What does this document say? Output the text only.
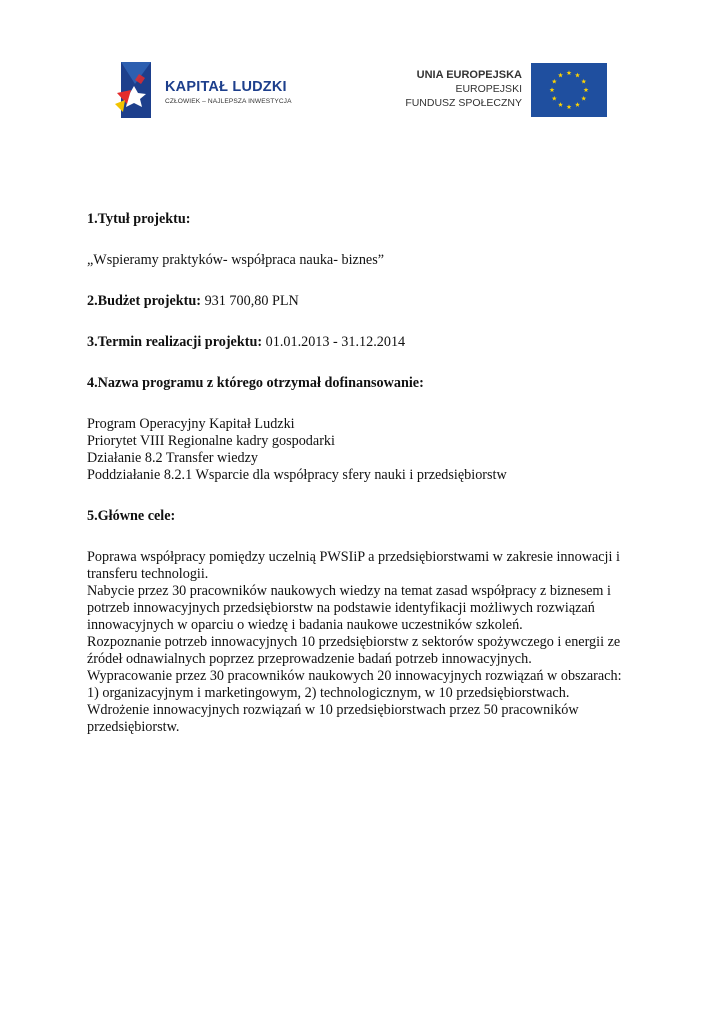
KAPITAŁ LUDZKI
CZŁOWIEK – NAJLEPSZA INWESTYCJA
UNIA EUROPEJSKA
EUROPEJSKI
FUNDUSZ SPOŁECZNY

1.Tytuł projektu:

„Wspieramy praktyków- współpraca nauka- biznes”

2.Budżet projektu: 931 700,80 PLN

3.Termin realizacji projektu: 01.01.2013 - 31.12.2014

4.Nazwa programu z którego otrzymał dofinansowanie:

Program Operacyjny Kapitał Ludzki

Priorytet VIII Regionalne kadry gospodarki

Działanie 8.2 Transfer wiedzy

Poddziałanie 8.2.1 Wsparcie dla współpracy sfery nauki i przedsiębiorstw

5.Główne cele:

Poprawa współpracy pomiędzy uczelnią PWSIiP a przedsiębiorstwami w zakresie innowacji i

transferu technologii.

Nabycie przez 30 pracowników naukowych wiedzy na temat zasad współpracy z biznesem i

potrzeb innowacyjnych przedsiębiorstw na podstawie identyfikacji możliwych rozwiązań

innowacyjnych w oparciu o wiedzę i badania naukowe uczestników szkoleń.

Rozpoznanie potrzeb innowacyjnych 10 przedsiębiorstw z sektorów spożywczego i energii ze

źródeł odnawialnych poprzez przeprowadzenie badań potrzeb innowacyjnych.

Wypracowanie przez 30 pracowników naukowych 20 innowacyjnych rozwiązań w obszarach:

1) organizacyjnym i marketingowym, 2) technologicznym, w 10 przedsiębiorstwach.

Wdrożenie innowacyjnych rozwiązań w 10 przedsiębiorstwach przez 50 pracowników

przedsiębiorstw.
